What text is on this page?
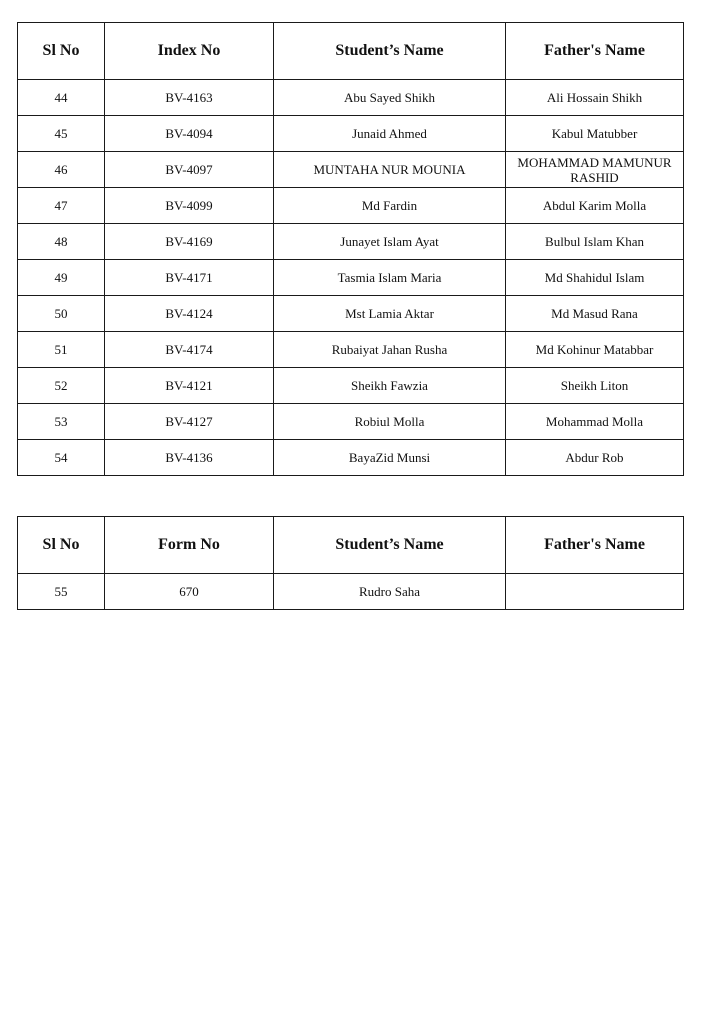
Sl No	Index No	Student’s Name	Father's Name
44	BV-4163	Abu Sayed Shikh	Ali Hossain Shikh
45	BV-4094	Junaid Ahmed	Kabul Matubber
46	BV-4097	MUNTAHA NUR MOUNIA	MOHAMMAD MAMUNUR RASHID
47	BV-4099	Md Fardin	Abdul Karim Molla
48	BV-4169	Junayet Islam Ayat	Bulbul Islam Khan
49	BV-4171	Tasmia Islam Maria	Md Shahidul Islam
50	BV-4124	Mst Lamia Aktar	Md Masud Rana
51	BV-4174	Rubaiyat Jahan Rusha	Md Kohinur Matabbar
52	BV-4121	Sheikh Fawzia	Sheikh Liton
53	BV-4127	Robiul Molla	Mohammad Molla
54	BV-4136	BayaZid Munsi	Abdur Rob
Sl No	Form No	Student’s Name	Father's Name
55	670	Rudro Saha	
